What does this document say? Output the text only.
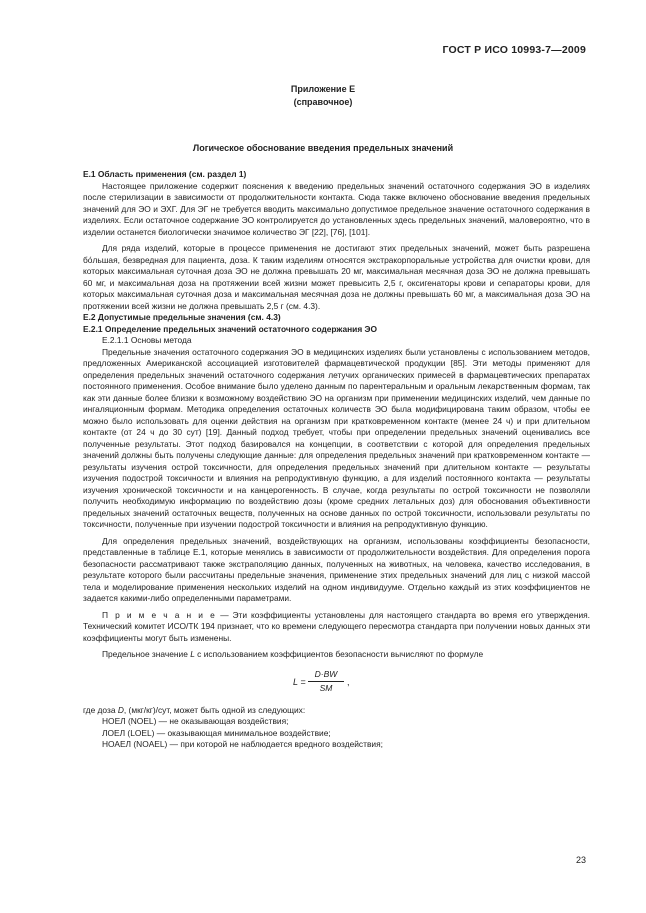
ГОСТ Р ИСО 10993-7—2009
Приложение Е
(справочное)
Логическое обоснование введения предельных значений

Е.1 Область применения (см. раздел 1)

Настоящее приложение содержит пояснения к введению предельных значений остаточного содержания ЭО в изделиях после стерилизации в зависимости от продолжительности контакта. Сюда также включено обоснование введения предельных значений для ЭО и ЭХГ. Для ЭГ не требуется вводить максимально допустимое предельное значение остаточного содержания в изделиях. Если остаточное содержание ЭО контролируется до установленных здесь предельных значений, маловероятно, что в изделии останется биологически значимое количество ЭГ [22], [76], [101].

Для ряда изделий, которые в процессе применения не достигают этих предельных значений, может быть разрешена бо́льшая, безвредная для пациента, доза. К таким изделиям относятся экстракорпоральные устройства для очистки крови, для которых максимальная суточная доза ЭО не должна превышать 20 мг, максимальная месячная доза ЭО не должна превышать 60 мг, и максимальная доза на протяжении всей жизни может превысить 2,5 г, оксигенаторы крови и сепараторы крови, для которых максимальная суточная доза и максимальная месячная доза не должны превышать 60 мг, а максимальная доза ЭО на протяжении всей жизни не должна превышать 2,5 г (см. 4.3).

Е.2 Допустимые предельные значения (см. 4.3)

Е.2.1 Определение предельных значений остаточного содержания ЭО

Е.2.1.1 Основы метода

Предельные значения остаточного содержания ЭО в медицинских изделиях были установлены с использованием методов, предложенных Американской ассоциацией изготовителей фармацевтической продукции [85]. Эти методы применяют для определения предельных значений остаточного содержания летучих органических примесей в фармацевтических препаратах постоянного применения. Особое внимание было уделено данным по парентеральным и оральным лекарственным формам, так как эти данные более близки к возможному воздействию ЭО на организм при применении медицинских изделий, чем данные по ингаляционным формам. Методика определения остаточных количеств ЭО была модифицирована таким образом, чтобы ее можно было использовать для оценки действия на организм при кратковременном контакте (менее 24 ч) и при длительном контакте (от 24 ч до 30 сут) [19]. Данный подход требует, чтобы при определении предельных значений оценивались все полученные результаты. Этот подход базировался на концепции, в соответствии с которой для определения предельных значений должны быть получены следующие данные: для определения предельных значений при кратковременном контакте — результаты изучения острой токсичности, для определения предельных значений при длительном контакте — результаты изучения подострой токсичности и влияния на репродуктивную функцию, а для изделий постоянного контакта — результаты изучения хронической токсичности и на канцерогенность. В случае, когда результаты по острой токсичности не позволяли получить необходимую информацию по воздействию дозы (кроме средних летальных доз) для обоснования объективности предельных значений остаточных веществ, полученных на основе данных по острой токсичности, использовали результаты по токсичности, полученные при изучении подострой токсичности и влияния на репродуктивную функцию.

Для определения предельных значений, воздействующих на организм, использованы коэффициенты безопасности, представленные в таблице Е.1, которые менялись в зависимости от продолжительности воздействия. Для определения порога безопасности рассматривают также экстраполяцию данных, полученных на животных, на человека, качество исследования, в результате которого были рассчитаны предельные значения, применение этих предельных значений для лиц с низкой массой тела и моделирование применения нескольких изделий на одном индивидууме. Отдельно каждый из этих коэффициентов не задается какими-либо определенными параметрами.

П р и м е ч а н и е — Эти коэффициенты установлены для настоящего стандарта во время его утверждения. Технический комитет ИСО/ТК 194 признает, что ко времени следующего пересмотра стандарта при получении новых данных эти коэффициенты могут быть изменены.

Предельное значение L с использованием коэффициентов безопасности вычисляют по формуле

$L = \frac{D\cdot BW}{SM}$ ,

где доза D, (мкг/кг)/сут, может быть одной из следующих:

НОЕЛ (NOEL) — не оказывающая воздействия;

ЛОЕЛ (LOEL) — оказывающая минимальное воздействие;

НОАЕЛ (NOAEL) — при которой не наблюдается вредного воздействия;

23
